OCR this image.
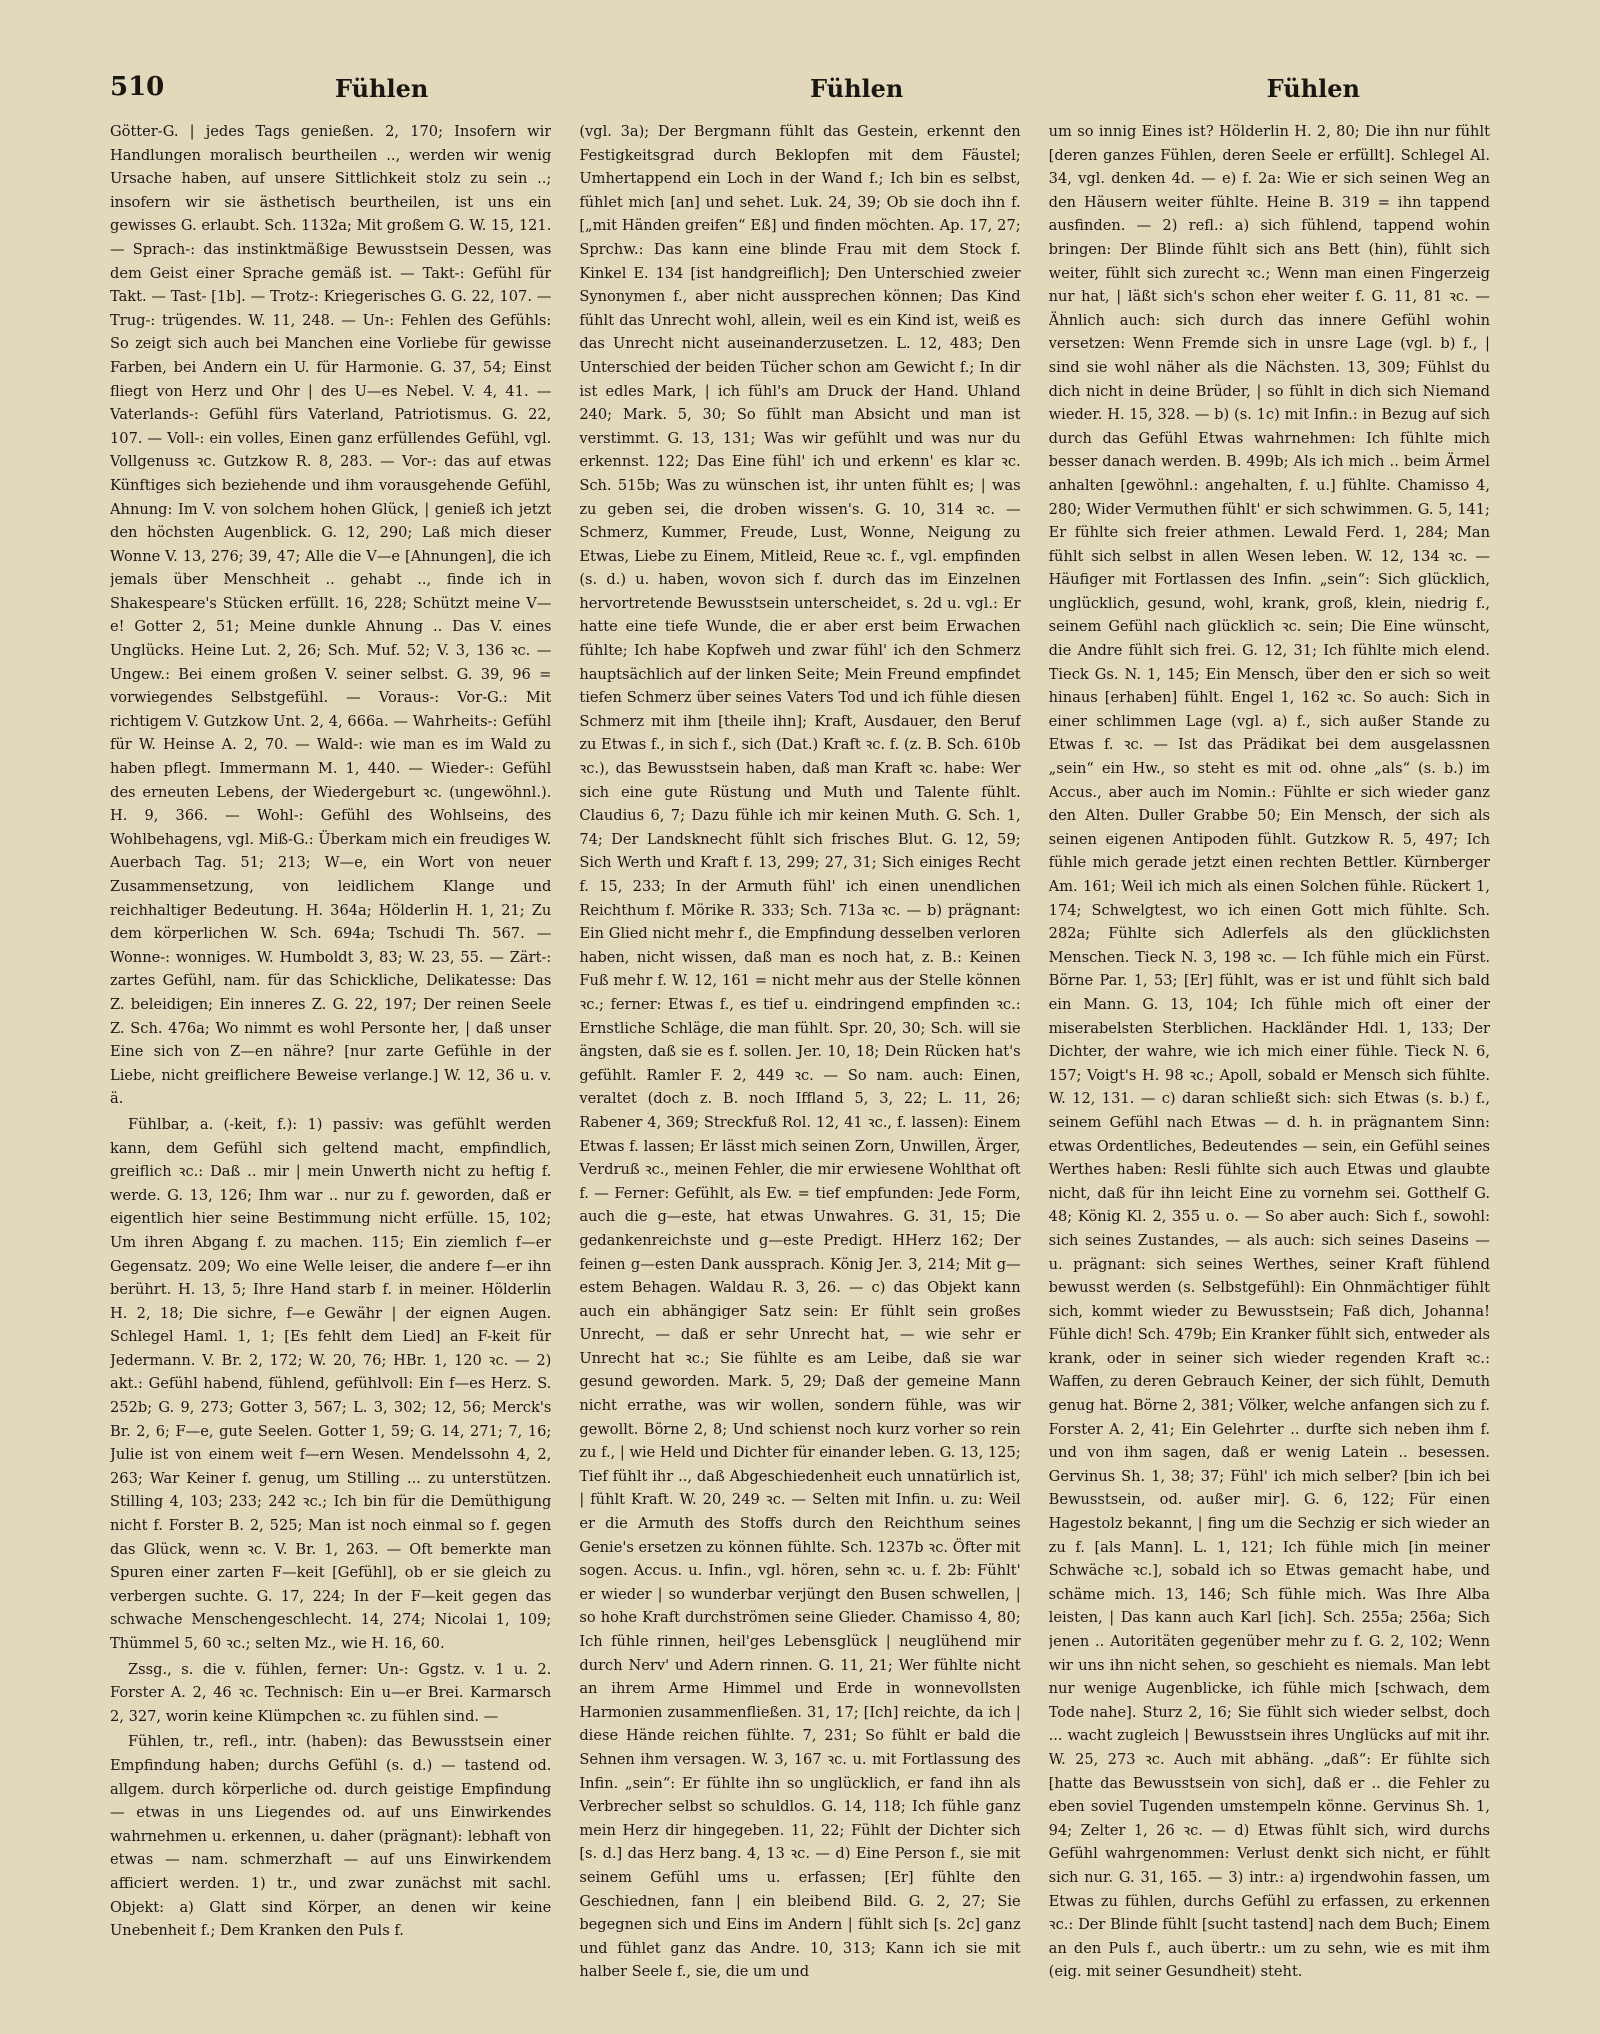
510	Fühlen	Fühlen	Fühlen

Götter-G. | jedes Tags genießen. 2, 170; Insofern wir Handlungen moralisch beurtheilen .., werden wir wenig Ursache haben, auf unsere Sittlichkeit stolz zu sein ..; insofern wir sie ästhetisch beurtheilen, ist uns ein gewisses G. erlaubt. Sch. 1132a; Mit großem G. W. 15, 121. — Sprach-: das instinktmäßige Bewusstsein Dessen, was dem Geist einer Sprache gemäß ist. — Takt-: Gefühl für Takt. — Tast- [1b]. — Trotz-: Kriegerisches G. G. 22, 107. — Trug-: trügendes. W. 11, 248. — Un-: Fehlen des Gefühls: So zeigt sich auch bei Manchen eine Vorliebe für gewisse Farben, bei Andern ein U. für Harmonie. G. 37, 54; Einst fliegt von Herz und Ohr | des U—es Nebel. V. 4, 41. — Vaterlands-: Gefühl fürs Vaterland, Patriotismus. G. 22, 107. — Voll-: ein volles, Einen ganz erfüllendes Gefühl, vgl. Vollgenuss ꝛc. Gutzkow R. 8, 283. — Vor-: das auf etwas Künftiges sich beziehende und ihm vorausgehende Gefühl, Ahnung: Im V. von solchem hohen Glück, | genieß ich jetzt den höchsten Augenblick. G. 12, 290; Laß mich dieser Wonne V. 13, 276; 39, 47; Alle die V—e [Ahnungen], die ich jemals über Menschheit .. gehabt .., finde ich in Shakespeare's Stücken erfüllt. 16, 228; Schützt meine V—e! Gotter 2, 51; Meine dunkle Ahnung .. Das V. eines Unglücks. Heine Lut. 2, 26; Sch. Muf. 52; V. 3, 136 ꝛc. — Ungew.: Bei einem großen V. seiner selbst. G. 39, 96 = vorwiegendes Selbstgefühl. — Voraus-: Vor-G.: Mit richtigem V. Gutzkow Unt. 2, 4, 666a. — Wahrheits-: Gefühl für W. Heinse A. 2, 70. — Wald-: wie man es im Wald zu haben pflegt. Immermann M. 1, 440. — Wieder-: Gefühl des erneuten Lebens, der Wiedergeburt ꝛc. (ungewöhnl.). H. 9, 366. — Wohl-: Gefühl des Wohlseins, des Wohlbehagens, vgl. Miß-G.: Überkam mich ein freudiges W. Auerbach Tag. 51; 213; W—e, ein Wort von neuer Zusammensetzung, von leidlichem Klange und reichhaltiger Bedeutung. H. 364a; Hölderlin H. 1, 21; Zu dem körperlichen W. Sch. 694a; Tschudi Th. 567. — Wonne-: wonniges. W. Humboldt 3, 83; W. 23, 55. — Zärt-: zartes Gefühl, nam. für das Schickliche, Delikatesse: Das Z. beleidigen; Ein inneres Z. G. 22, 197; Der reinen Seele Z. Sch. 476a; Wo nimmt es wohl Personte her, | daß unser Eine sich von Z—en nähre? [nur zarte Gefühle in der Liebe, nicht greiflichere Beweise verlange.] W. 12, 36 u. v. ä.

Fühlbar, a. (-keit, f.): 1) passiv: was gefühlt werden kann, dem Gefühl sich geltend macht, empfindlich, greiflich ꝛc.: Daß .. mir | mein Unwerth nicht zu heftig f. werde. G. 13, 126; Ihm war .. nur zu f. geworden, daß er eigentlich hier seine Bestimmung nicht erfülle. 15, 102; Um ihren Abgang f. zu machen. 115; Ein ziemlich f—er Gegensatz. 209; Wo eine Welle leiser, die andere f—er ihn berührt. H. 13, 5; Ihre Hand starb f. in meiner. Hölderlin H. 2, 18; Die sichre, f—e Gewähr | der eignen Augen. Schlegel Haml. 1, 1; [Es fehlt dem Lied] an F-keit für Jedermann. V. Br. 2, 172; W. 20, 76; HBr. 1, 120 ꝛc. — 2) akt.: Gefühl habend, fühlend, gefühlvoll: Ein f—es Herz. S. 252b; G. 9, 273; Gotter 3, 567; L. 3, 302; 12, 56; Merck's Br. 2, 6; F—e, gute Seelen. Gotter 1, 59; G. 14, 271; 7, 16; Julie ist von einem weit f—ern Wesen. Mendelssohn 4, 2, 263; War Keiner f. genug, um Stilling ... zu unterstützen. Stilling 4, 103; 233; 242 ꝛc.; Ich bin für die Demüthigung nicht f. Forster B. 2, 525; Man ist noch einmal so f. gegen das Glück, wenn ꝛc. V. Br. 1, 263. — Oft bemerkte man Spuren einer zarten F—keit [Gefühl], ob er sie gleich zu verbergen suchte. G. 17, 224; In der F—keit gegen das schwache Menschengeschlecht. 14, 274; Nicolai 1, 109; Thümmel 5, 60 ꝛc.; selten Mz., wie H. 16, 60.

Zssg., s. die v. fühlen, ferner: Un-: Ggstz. v. 1 u. 2. Forster A. 2, 46 ꝛc. Technisch: Ein u—er Brei. Karmarsch 2, 327, worin keine Klümpchen ꝛc. zu fühlen sind. —

Fühlen, tr., refl., intr. (haben): das Bewusstsein einer Empfindung haben; durchs Gefühl (s. d.) — tastend od. allgem. durch körperliche od. durch geistige Empfindung — etwas in uns Liegendes od. auf uns Einwirkendes wahrnehmen u. erkennen, u. daher (prägnant): lebhaft von etwas — nam. schmerzhaft — auf uns Einwirkendem afficiert werden. 1) tr., und zwar zunächst mit sachl. Objekt: a) Glatt sind Körper, an denen wir keine Unebenheit f.; Dem Kranken den Puls f.

(vgl. 3a); Der Bergmann fühlt das Gestein, erkennt den Festigkeitsgrad durch Beklopfen mit dem Fäustel; Umhertappend ein Loch in der Wand f.; Ich bin es selbst, fühlet mich [an] und sehet. Luk. 24, 39; Ob sie doch ihn f. [„mit Händen greifen“ Eß] und finden möchten. Ap. 17, 27; Sprchw.: Das kann eine blinde Frau mit dem Stock f. Kinkel E. 134 [ist handgreiflich]; Den Unterschied zweier Synonymen f., aber nicht aussprechen können; Das Kind fühlt das Unrecht wohl, allein, weil es ein Kind ist, weiß es das Unrecht nicht auseinanderzusetzen. L. 12, 483; Den Unterschied der beiden Tücher schon am Gewicht f.; In dir ist edles Mark, | ich fühl's am Druck der Hand. Uhland 240; Mark. 5, 30; So fühlt man Absicht und man ist verstimmt. G. 13, 131; Was wir gefühlt und was nur du erkennst. 122; Das Eine fühl' ich und erkenn' es klar ꝛc. Sch. 515b; Was zu wünschen ist, ihr unten fühlt es; | was zu geben sei, die droben wissen's. G. 10, 314 ꝛc. — Schmerz, Kummer, Freude, Lust, Wonne, Neigung zu Etwas, Liebe zu Einem, Mitleid, Reue ꝛc. f., vgl. empfinden (s. d.) u. haben, wovon sich f. durch das im Einzelnen hervortretende Bewusstsein unterscheidet, s. 2d u. vgl.: Er hatte eine tiefe Wunde, die er aber erst beim Erwachen fühlte; Ich habe Kopfweh und zwar fühl' ich den Schmerz hauptsächlich auf der linken Seite; Mein Freund empfindet tiefen Schmerz über seines Vaters Tod und ich fühle diesen Schmerz mit ihm [theile ihn]; Kraft, Ausdauer, den Beruf zu Etwas f., in sich f., sich (Dat.) Kraft ꝛc. f. (z. B. Sch. 610b ꝛc.), das Bewusstsein haben, daß man Kraft ꝛc. habe: Wer sich eine gute Rüstung und Muth und Talente fühlt. Claudius 6, 7; Dazu fühle ich mir keinen Muth. G. Sch. 1, 74; Der Landsknecht fühlt sich frisches Blut. G. 12, 59; Sich Werth und Kraft f. 13, 299; 27, 31; Sich einiges Recht f. 15, 233; In der Armuth fühl' ich einen unendlichen Reichthum f. Mörike R. 333; Sch. 713a ꝛc. — b) prägnant: Ein Glied nicht mehr f., die Empfindung desselben verloren haben, nicht wissen, daß man es noch hat, z. B.: Keinen Fuß mehr f. W. 12, 161 = nicht mehr aus der Stelle können ꝛc.; ferner: Etwas f., es tief u. eindringend empfinden ꝛc.: Ernstliche Schläge, die man fühlt. Spr. 20, 30; Sch. will sie ängsten, daß sie es f. sollen. Jer. 10, 18; Dein Rücken hat's gefühlt. Ramler F. 2, 449 ꝛc. — So nam. auch: Einen, veraltet (doch z. B. noch Iffland 5, 3, 22; L. 11, 26; Rabener 4, 369; Streckfuß Rol. 12, 41 ꝛc., f. lassen): Einem Etwas f. lassen; Er lässt mich seinen Zorn, Unwillen, Ärger, Verdruß ꝛc., meinen Fehler, die mir erwiesene Wohlthat oft f. — Ferner: Gefühlt, als Ew. = tief empfunden: Jede Form, auch die g—este, hat etwas Unwahres. G. 31, 15; Die gedankenreichste und g—este Predigt. HHerz 162; Der feinen g—esten Dank aussprach. König Jer. 3, 214; Mit g—estem Behagen. Waldau R. 3, 26. — c) das Objekt kann auch ein abhängiger Satz sein: Er fühlt sein großes Unrecht, — daß er sehr Unrecht hat, — wie sehr er Unrecht hat ꝛc.; Sie fühlte es am Leibe, daß sie war gesund geworden. Mark. 5, 29; Daß der gemeine Mann nicht errathe, was wir wollen, sondern fühle, was wir gewollt. Börne 2, 8; Und schienst noch kurz vorher so rein zu f., | wie Held und Dichter für einander leben. G. 13, 125; Tief fühlt ihr .., daß Abgeschiedenheit euch unnatürlich ist, | fühlt Kraft. W. 20, 249 ꝛc. — Selten mit Infin. u. zu: Weil er die Armuth des Stoffs durch den Reichthum seines Genie's ersetzen zu können fühlte. Sch. 1237b ꝛc. Öfter mit sogen. Accus. u. Infin., vgl. hören, sehn ꝛc. u. f. 2b: Fühlt' er wieder | so wunderbar verjüngt den Busen schwellen, | so hohe Kraft durchströmen seine Glieder. Chamisso 4, 80; Ich fühle rinnen, heil'ges Lebensglück | neuglühend mir durch Nerv' und Adern rinnen. G. 11, 21; Wer fühlte nicht an ihrem Arme Himmel und Erde in wonnevollsten Harmonien zusammenfließen. 31, 17; [Ich] reichte, da ich | diese Hände reichen fühlte. 7, 231; So fühlt er bald die Sehnen ihm versagen. W. 3, 167 ꝛc. u. mit Fortlassung des Infin. „sein“: Er fühlte ihn so unglücklich, er fand ihn als Verbrecher selbst so schuldlos. G. 14, 118; Ich fühle ganz mein Herz dir hingegeben. 11, 22; Fühlt der Dichter sich [s. d.] das Herz bang. 4, 13 ꝛc. — d) Eine Person f., sie mit seinem Gefühl ums u. erfassen; [Er] fühlte den Geschiednen, fann | ein bleibend Bild. G. 2, 27; Sie begegnen sich und Eins im Andern | fühlt sich [s. 2c] ganz und fühlet ganz das Andre. 10, 313; Kann ich sie mit halber Seele f., sie, die um und

um so innig Eines ist? Hölderlin H. 2, 80; Die ihn nur fühlt [deren ganzes Fühlen, deren Seele er erfüllt]. Schlegel Al. 34, vgl. denken 4d. — e) f. 2a: Wie er sich seinen Weg an den Häusern weiter fühlte. Heine B. 319 = ihn tappend ausfinden. — 2) refl.: a) sich fühlend, tappend wohin bringen: Der Blinde fühlt sich ans Bett (hin), fühlt sich weiter, fühlt sich zurecht ꝛc.; Wenn man einen Fingerzeig nur hat, | läßt sich's schon eher weiter f. G. 11, 81 ꝛc. — Ähnlich auch: sich durch das innere Gefühl wohin versetzen: Wenn Fremde sich in unsre Lage (vgl. b) f., | sind sie wohl näher als die Nächsten. 13, 309; Fühlst du dich nicht in deine Brüder, | so fühlt in dich sich Niemand wieder. H. 15, 328. — b) (s. 1c) mit Infin.: in Bezug auf sich durch das Gefühl Etwas wahrnehmen: Ich fühlte mich besser danach werden. B. 499b; Als ich mich .. beim Ärmel anhalten [gewöhnl.: angehalten, f. u.] fühlte. Chamisso 4, 280; Wider Vermuthen fühlt' er sich schwimmen. G. 5, 141; Er fühlte sich freier athmen. Lewald Ferd. 1, 284; Man fühlt sich selbst in allen Wesen leben. W. 12, 134 ꝛc. — Häufiger mit Fortlassen des Infin. „sein“: Sich glücklich, unglücklich, gesund, wohl, krank, groß, klein, niedrig f., seinem Gefühl nach glücklich ꝛc. sein; Die Eine wünscht, die Andre fühlt sich frei. G. 12, 31; Ich fühlte mich elend. Tieck Gs. N. 1, 145; Ein Mensch, über den er sich so weit hinaus [erhaben] fühlt. Engel 1, 162 ꝛc. So auch: Sich in einer schlimmen Lage (vgl. a) f., sich außer Stande zu Etwas f. ꝛc. — Ist das Prädikat bei dem ausgelassnen „sein“ ein Hw., so steht es mit od. ohne „als“ (s. b.) im Accus., aber auch im Nomin.: Fühlte er sich wieder ganz den Alten. Duller Grabbe 50; Ein Mensch, der sich als seinen eigenen Antipoden fühlt. Gutzkow R. 5, 497; Ich fühle mich gerade jetzt einen rechten Bettler. Kürnberger Am. 161; Weil ich mich als einen Solchen fühle. Rückert 1, 174; Schwelgtest, wo ich einen Gott mich fühlte. Sch. 282a; Fühlte sich Adlerfels als den glücklichsten Menschen. Tieck N. 3, 198 ꝛc. — Ich fühle mich ein Fürst. Börne Par. 1, 53; [Er] fühlt, was er ist und fühlt sich bald ein Mann. G. 13, 104; Ich fühle mich oft einer der miserabelsten Sterblichen. Hackländer Hdl. 1, 133; Der Dichter, der wahre, wie ich mich einer fühle. Tieck N. 6, 157; Voigt's H. 98 ꝛc.; Apoll, sobald er Mensch sich fühlte. W. 12, 131. — c) daran schließt sich: sich Etwas (s. b.) f., seinem Gefühl nach Etwas — d. h. in prägnantem Sinn: etwas Ordentliches, Bedeutendes — sein, ein Gefühl seines Werthes haben: Resli fühlte sich auch Etwas und glaubte nicht, daß für ihn leicht Eine zu vornehm sei. Gotthelf G. 48; König Kl. 2, 355 u. o. — So aber auch: Sich f., sowohl: sich seines Zustandes, — als auch: sich seines Daseins — u. prägnant: sich seines Werthes, seiner Kraft fühlend bewusst werden (s. Selbstgefühl): Ein Ohnmächtiger fühlt sich, kommt wieder zu Bewusstsein; Faß dich, Johanna! Fühle dich! Sch. 479b; Ein Kranker fühlt sich, entweder als krank, oder in seiner sich wieder regenden Kraft ꝛc.: Waffen, zu deren Gebrauch Keiner, der sich fühlt, Demuth genug hat. Börne 2, 381; Völker, welche anfangen sich zu f. Forster A. 2, 41; Ein Gelehrter .. durfte sich neben ihm f. und von ihm sagen, daß er wenig Latein .. besessen. Gervinus Sh. 1, 38; 37; Fühl' ich mich selber? [bin ich bei Bewusstsein, od. außer mir]. G. 6, 122; Für einen Hagestolz bekannt, | fing um die Sechzig er sich wieder an zu f. [als Mann]. L. 1, 121; Ich fühle mich [in meiner Schwäche ꝛc.], sobald ich so Etwas gemacht habe, und schäme mich. 13, 146; Sch fühle mich. Was Ihre Alba leisten, | Das kann auch Karl [ich]. Sch. 255a; 256a; Sich jenen .. Autoritäten gegenüber mehr zu f. G. 2, 102; Wenn wir uns ihn nicht sehen, so geschieht es niemals. Man lebt nur wenige Augenblicke, ich fühle mich [schwach, dem Tode nahe]. Sturz 2, 16; Sie fühlt sich wieder selbst, doch ... wacht zugleich | Bewusstsein ihres Unglücks auf mit ihr. W. 25, 273 ꝛc. Auch mit abhäng. „daß“: Er fühlte sich [hatte das Bewusstsein von sich], daß er .. die Fehler zu eben soviel Tugenden umstempeln könne. Gervinus Sh. 1, 94; Zelter 1, 26 ꝛc. — d) Etwas fühlt sich, wird durchs Gefühl wahrgenommen: Verlust denkt sich nicht, er fühlt sich nur. G. 31, 165. — 3) intr.: a) irgendwohin fassen, um Etwas zu fühlen, durchs Gefühl zu erfassen, zu erkennen ꝛc.: Der Blinde fühlt [sucht tastend] nach dem Buch; Einem an den Puls f., auch übertr.: um zu sehn, wie es mit ihm (eig. mit seiner Gesundheit) steht.
